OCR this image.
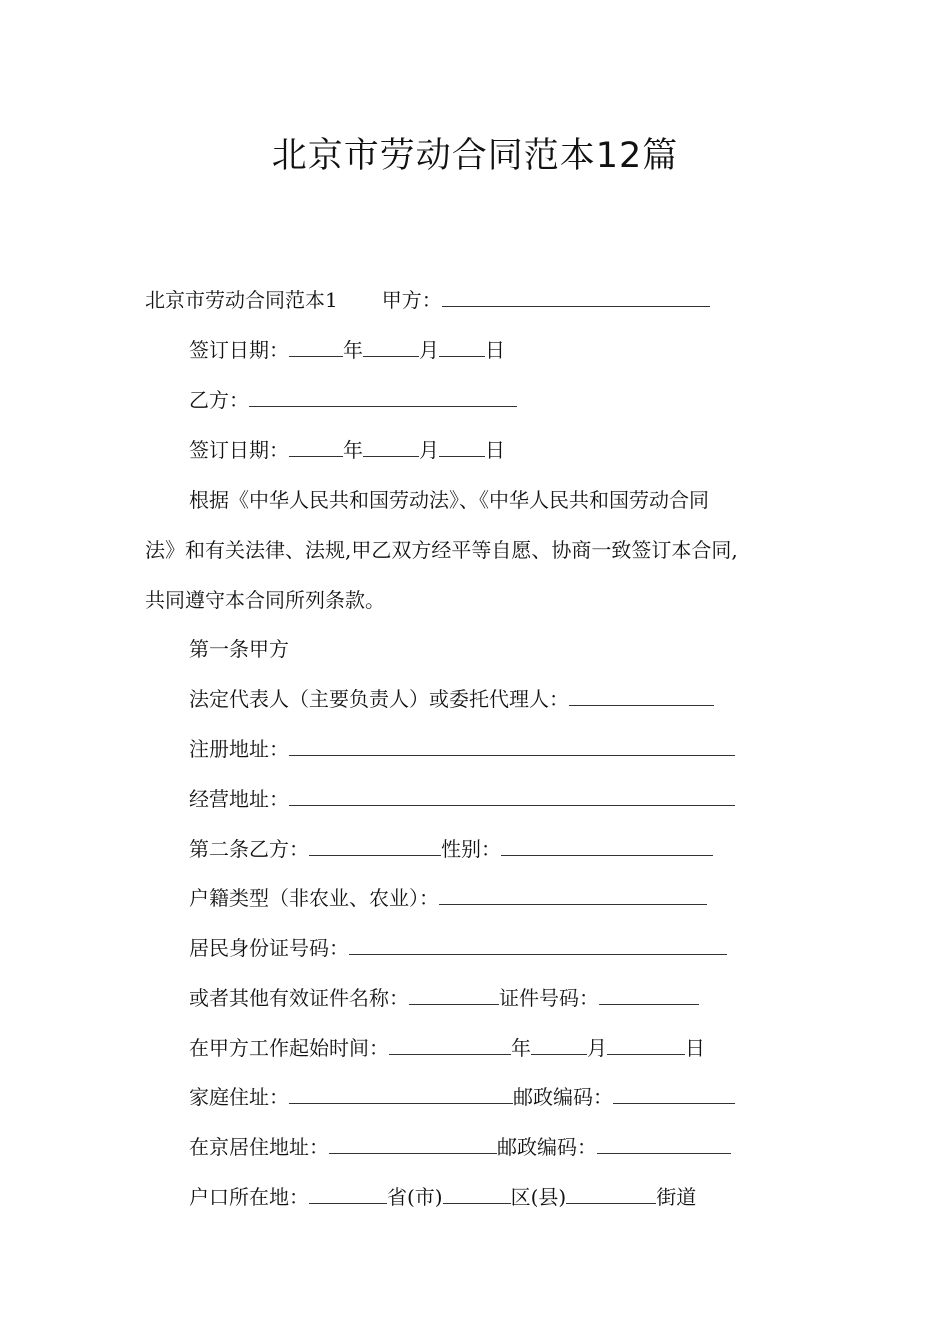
北京市劳动合同范本12篇
北京市劳动合同范本1 甲方：
签订日期：	年	月 日
乙方：
签订日期：	年	月 日
根据《中华人民共和国劳动法》、《中华人民共和国劳动合同
法》和有关法律、法规,甲乙双方经平等自愿、协商一致签订本合同,
共同遵守本合同所列条款。
第一条甲方
法定代表人（主要负责人）或委托代理人：
注册地址：
经营地址：
第二条乙方：	性别：
户籍类型（非农业、农业）：
居民身份证号码：
或者其他有效证件名称：	证件号码：
在甲方工作起始时间：	年	月	日
家庭住址：	邮政编码：
在京居住地址：	邮政编码：
户口所在地：	省(市)	区(县)	街道
